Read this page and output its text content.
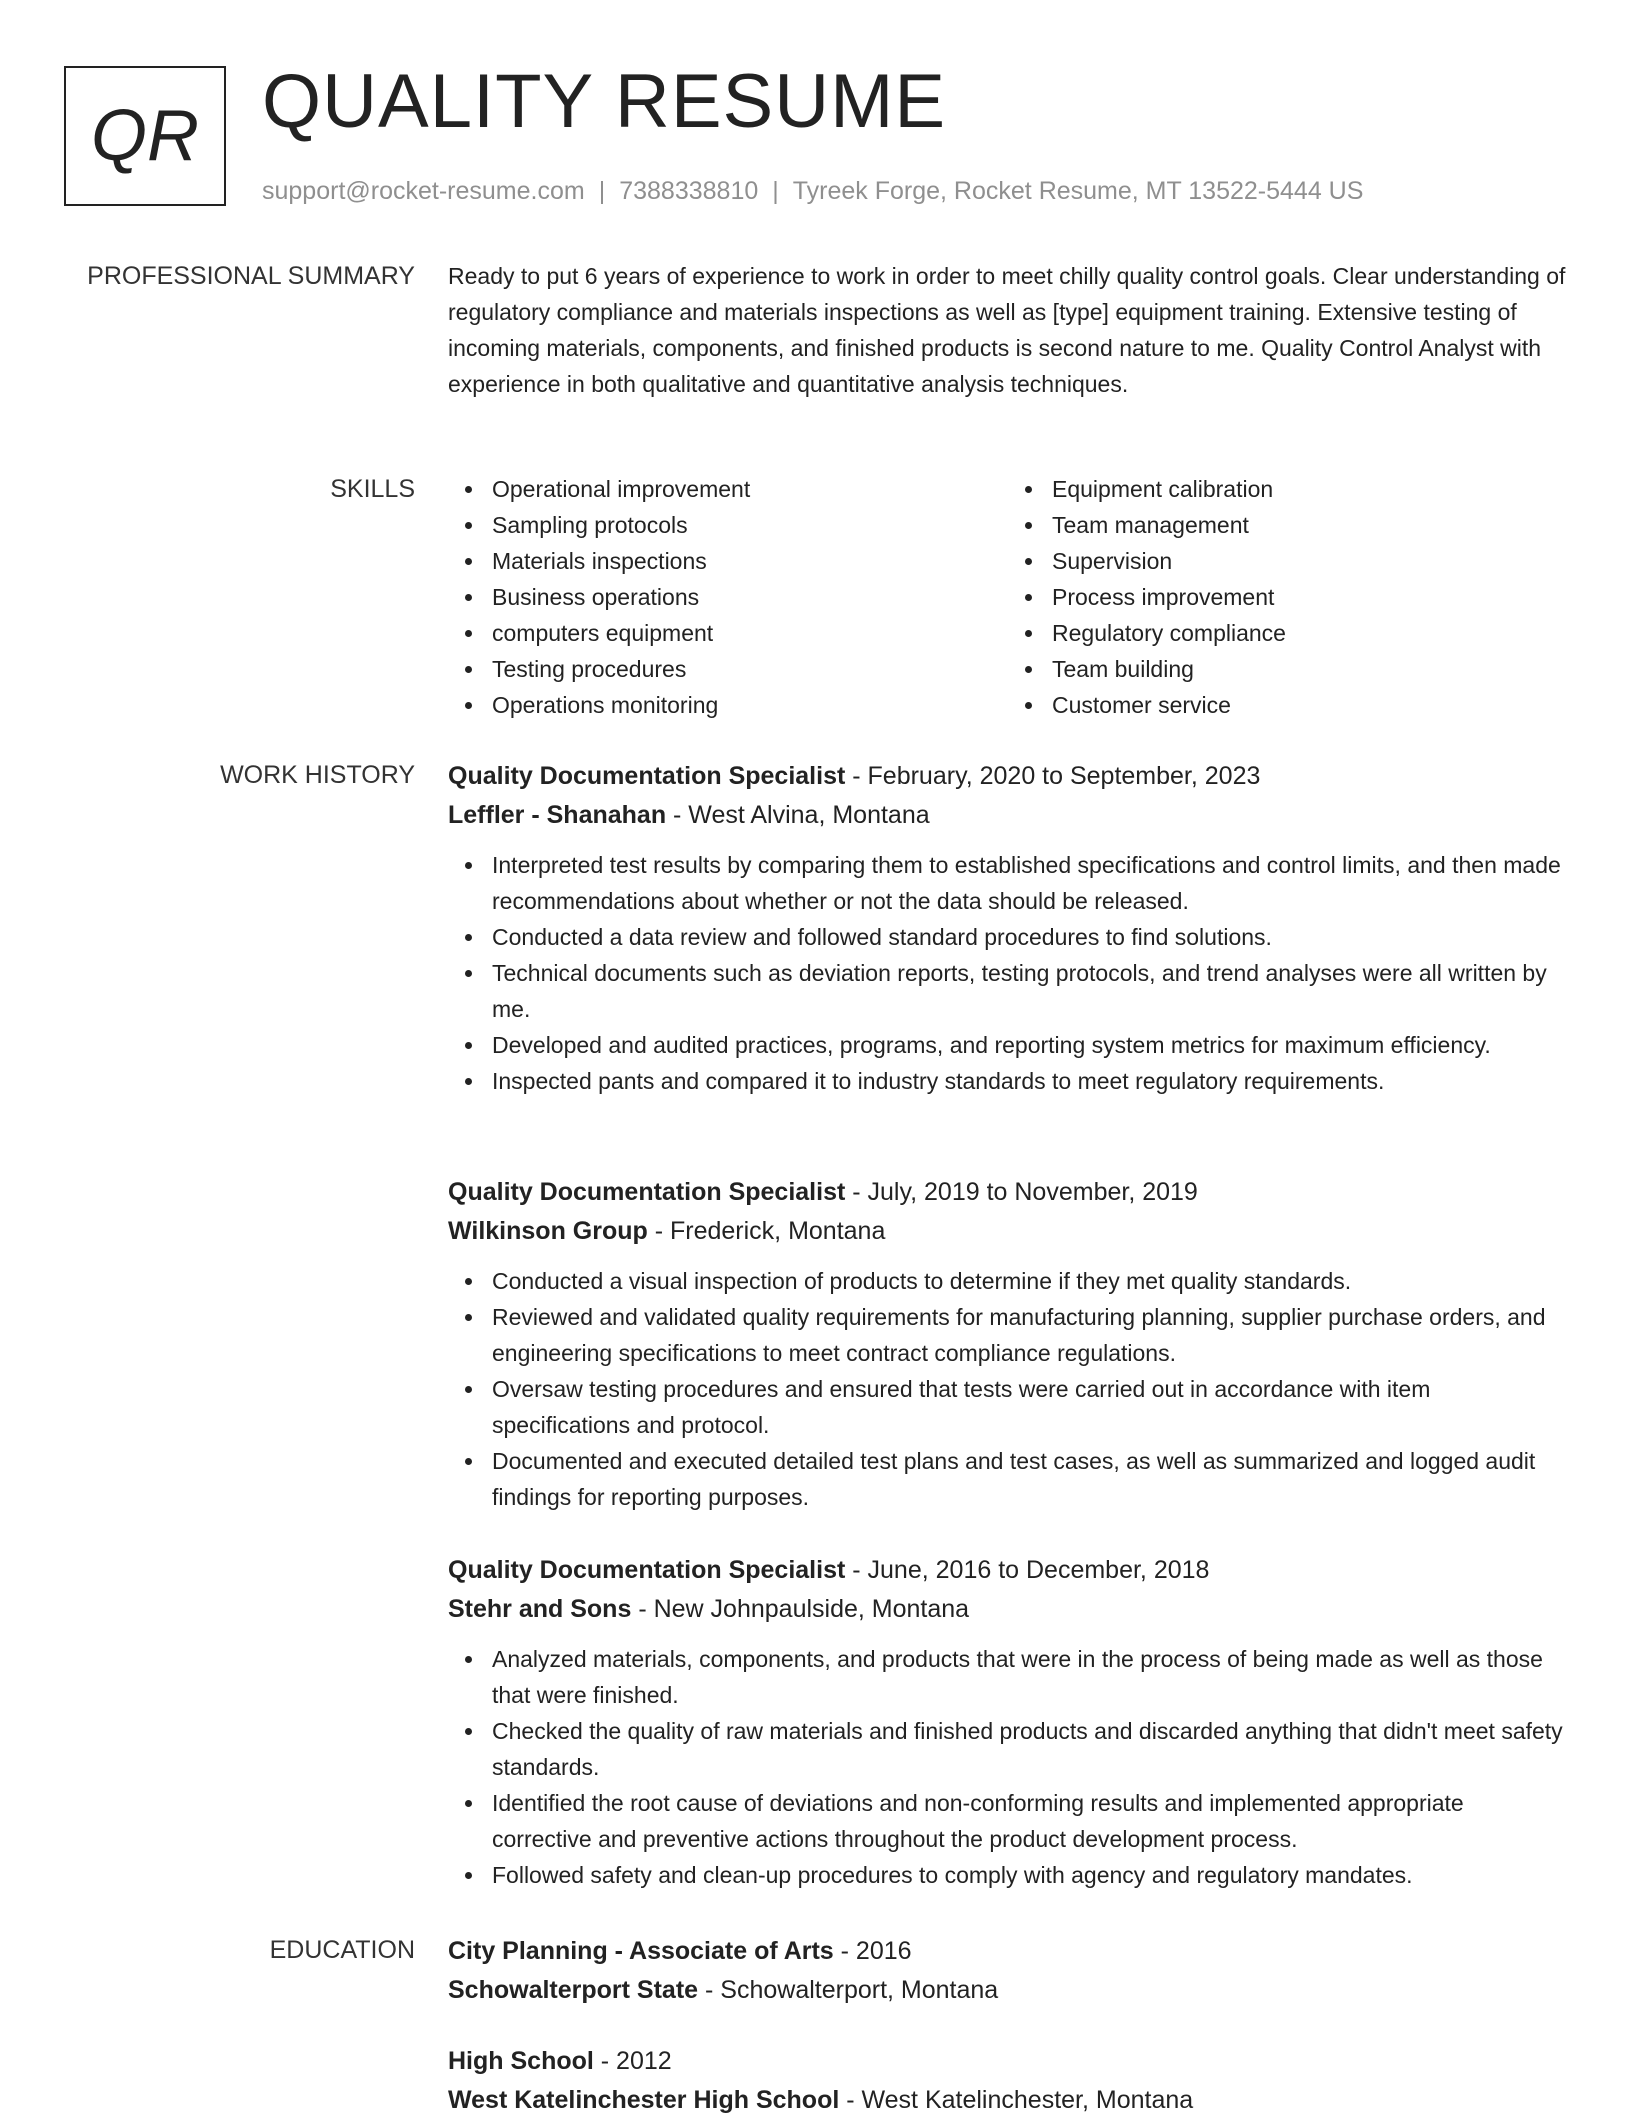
QR QUALITY RESUME
support@rocket-resume.com | 7388338810 | Tyreek Forge, Rocket Resume, MT 13522-5444 US
PROFESSIONAL SUMMARY Ready to put 6 years of experience to work in order to meet chilly quality control goals. Clear understanding of regulatory compliance and materials inspections as well as [type] equipment training. Extensive testing of incoming materials, components, and finished products is second nature to me. Quality Control Analyst with experience in both qualitative and quantitative analysis techniques.

SKILLS	Operational improvement
Sampling protocols
Materials inspections
Business operations
computers equipment
Testing procedures
Operations monitoring
Equipment calibration
Team management
Supervision
Process improvement
Regulatory compliance
Team building
Customer service
WORK HISTORY Quality Documentation Specialist - February, 2020 to September, 2023
Leffler - Shanahan - West Alvina, Montana
Interpreted test results by comparing them to established specifications and control limits, and then made recommendations about whether or not the data should be released.
Conducted a data review and followed standard procedures to find solutions.
Technical documents such as deviation reports, testing protocols, and trend analyses were all written by me.
Developed and audited practices, programs, and reporting system metrics for maximum efficiency.
Inspected pants and compared it to industry standards to meet regulatory requirements.
Quality Documentation Specialist - July, 2019 to November, 2019
Wilkinson Group - Frederick, Montana
Conducted a visual inspection of products to determine if they met quality standards.
Reviewed and validated quality requirements for manufacturing planning, supplier purchase orders, and engineering specifications to meet contract compliance regulations.
Oversaw testing procedures and ensured that tests were carried out in accordance with item specifications and protocol.
Documented and executed detailed test plans and test cases, as well as summarized and logged audit findings for reporting purposes.
Quality Documentation Specialist - June, 2016 to December, 2018
Stehr and Sons - New Johnpaulside, Montana
Analyzed materials, components, and products that were in the process of being made as well as those that were finished.
Checked the quality of raw materials and finished products and discarded anything that didn't meet safety standards.
Identified the root cause of deviations and non-conforming results and implemented appropriate corrective and preventive actions throughout the product development process.
Followed safety and clean-up procedures to comply with agency and regulatory mandates.
EDUCATION City Planning - Associate of Arts - 2016
Schowalterport State - Schowalterport, Montana
High School - 2012
West Katelinchester High School - West Katelinchester, Montana
